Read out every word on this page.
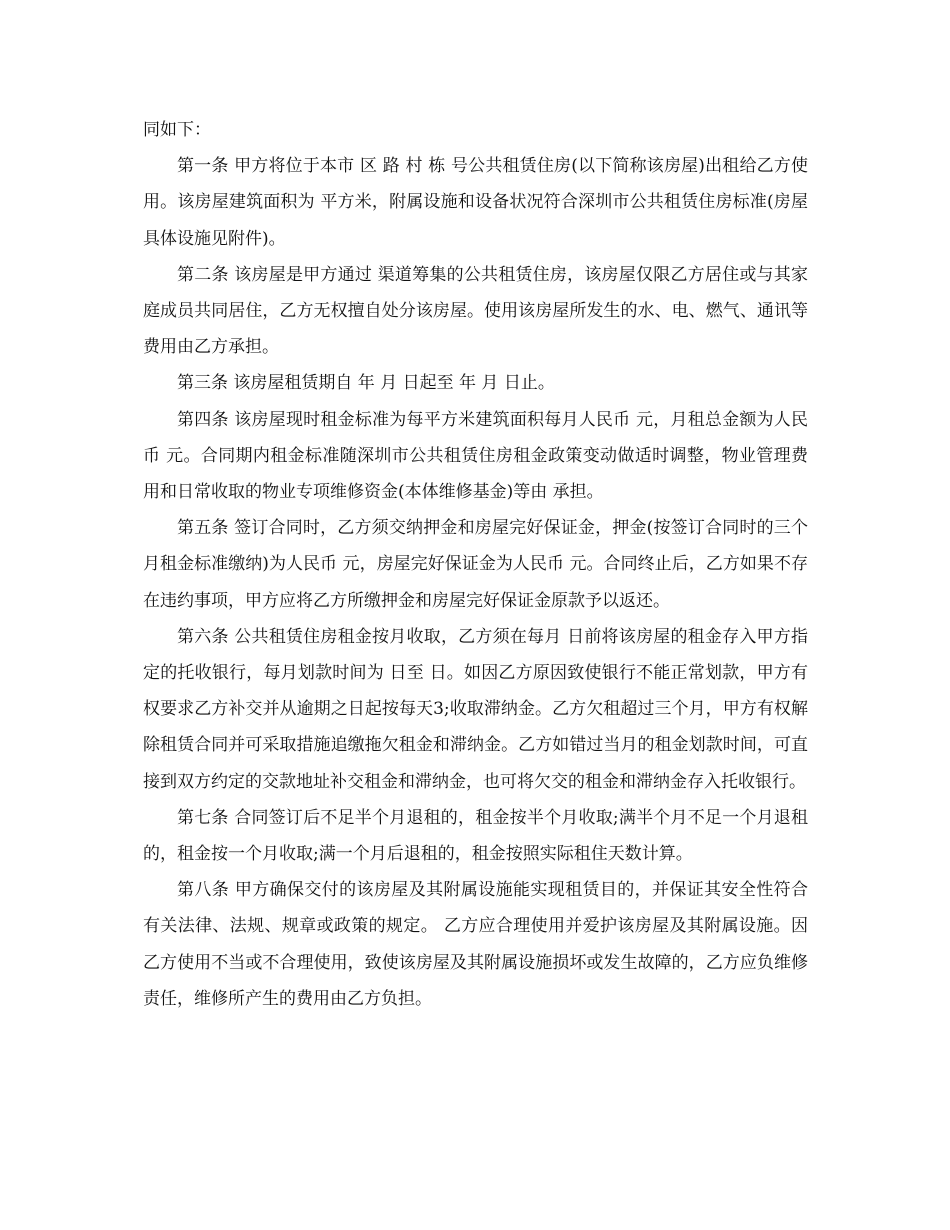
同如下：

第一条 甲方将位于本市 区 路 村 栋 号公共租赁住房(以下简称该房屋)出租给乙方使用。该房屋建筑面积为 平方米，附属设施和设备状况符合深圳市公共租赁住房标准(房屋具体设施见附件)。

第二条 该房屋是甲方通过 渠道筹集的公共租赁住房，该房屋仅限乙方居住或与其家庭成员共同居住，乙方无权擅自处分该房屋。使用该房屋所发生的水、电、燃气、通讯等费用由乙方承担。

第三条 该房屋租赁期自 年 月 日起至 年 月 日止。

第四条 该房屋现时租金标准为每平方米建筑面积每月人民币 元，月租总金额为人民币 元。合同期内租金标准随深圳市公共租赁住房租金政策变动做适时调整，物业管理费用和日常收取的物业专项维修资金(本体维修基金)等由 承担。

第五条 签订合同时，乙方须交纳押金和房屋完好保证金，押金(按签订合同时的三个月租金标准缴纳)为人民币 元，房屋完好保证金为人民币 元。合同终止后，乙方如果不存在违约事项，甲方应将乙方所缴押金和房屋完好保证金原款予以返还。

第六条 公共租赁住房租金按月收取，乙方须在每月 日前将该房屋的租金存入甲方指定的托收银行，每月划款时间为 日至 日。如因乙方原因致使银行不能正常划款，甲方有权要求乙方补交并从逾期之日起按每天3;收取滞纳金。乙方欠租超过三个月，甲方有权解除租赁合同并可采取措施追缴拖欠租金和滞纳金。乙方如错过当月的租金划款时间，可直接到双方约定的交款地址补交租金和滞纳金，也可将欠交的租金和滞纳金存入托收银行。

第七条 合同签订后不足半个月退租的，租金按半个月收取;满半个月不足一个月退租的，租金按一个月收取;满一个月后退租的，租金按照实际租住天数计算。

第八条 甲方确保交付的该房屋及其附属设施能实现租赁目的，并保证其安全性符合有关法律、法规、规章或政策的规定。 乙方应合理使用并爱护该房屋及其附属设施。因乙方使用不当或不合理使用，致使该房屋及其附属设施损坏或发生故障的，乙方应负维修责任，维修所产生的费用由乙方负担。
